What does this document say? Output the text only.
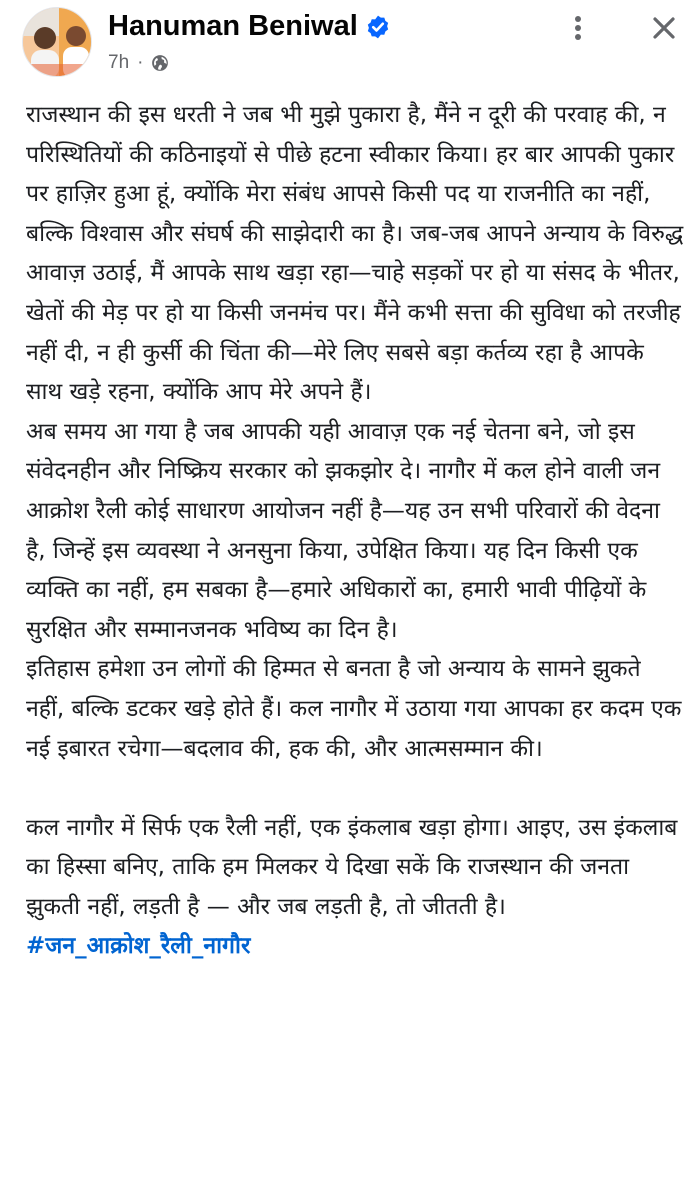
Hanuman Beniwal
7h ·

राजस्थान की इस धरती ने जब भी मुझे पुकारा है, मैंने न दूरी की परवाह की, न परिस्थितियों की कठिनाइयों से पीछे हटना स्वीकार किया। हर बार आपकी पुकार पर हाज़िर हुआ हूं, क्योंकि मेरा संबंध आपसे किसी पद या राजनीति का नहीं, बल्कि विश्वास और संघर्ष की साझेदारी का है। जब-जब आपने अन्याय के विरुद्ध आवाज़ उठाई, मैं आपके साथ खड़ा रहा—चाहे सड़कों पर हो या संसद के भीतर, खेतों की मेड़ पर हो या किसी जनमंच पर। मैंने कभी सत्ता की सुविधा को तरजीह नहीं दी, न ही कुर्सी की चिंता की—मेरे लिए सबसे बड़ा कर्तव्य रहा है आपके साथ खड़े रहना, क्योंकि आप मेरे अपने हैं।

अब समय आ गया है जब आपकी यही आवाज़ एक नई चेतना बने, जो इस संवेदनहीन और निष्क्रिय सरकार को झकझोर दे। नागौर में कल होने वाली जन आक्रोश रैली कोई साधारण आयोजन नहीं है—यह उन सभी परिवारों की वेदना है, जिन्हें इस व्यवस्था ने अनसुना किया, उपेक्षित किया। यह दिन किसी एक व्यक्ति का नहीं, हम सबका है—हमारे अधिकारों का, हमारी भावी पीढ़ियों के सुरक्षित और सम्मानजनक भविष्य का दिन है।

इतिहास हमेशा उन लोगों की हिम्मत से बनता है जो अन्याय के सामने झुकते नहीं, बल्कि डटकर खड़े होते हैं। कल नागौर में उठाया गया आपका हर कदम एक नई इबारत रचेगा—बदलाव की, हक की, और आत्मसम्मान की।

कल नागौर में सिर्फ एक रैली नहीं, एक इंकलाब खड़ा होगा। आइए, उस इंकलाब का हिस्सा बनिए, ताकि हम मिलकर ये दिखा सकें कि राजस्थान की जनता झुकती नहीं, लड़ती है — और जब लड़ती है, तो जीतती है।

#जन_आक्रोश_रैली_नागौर
